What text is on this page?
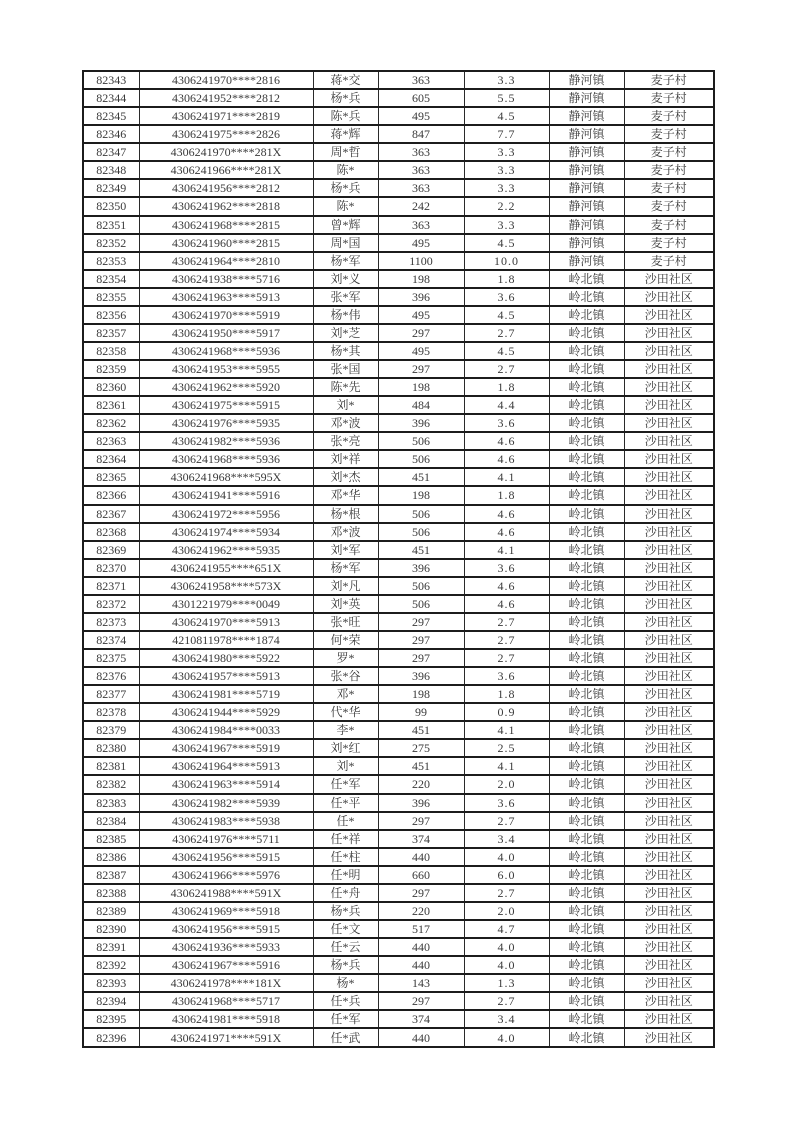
82343	4306241970****2816	蒋*交	363	3.3	静河镇	麦子村
82344	4306241952****2812	杨*兵	605	5.5	静河镇	麦子村
82345	4306241971****2819	陈*兵	495	4.5	静河镇	麦子村
82346	4306241975****2826	蒋*辉	847	7.7	静河镇	麦子村
82347	4306241970****281X	周*哲	363	3.3	静河镇	麦子村
82348	4306241966****281X	陈*	363	3.3	静河镇	麦子村
82349	4306241956****2812	杨*兵	363	3.3	静河镇	麦子村
82350	4306241962****2818	陈*	242	2.2	静河镇	麦子村
82351	4306241968****2815	曾*辉	363	3.3	静河镇	麦子村
82352	4306241960****2815	周*国	495	4.5	静河镇	麦子村
82353	4306241964****2810	杨*军	1100	10.0	静河镇	麦子村
82354	4306241938****5716	刘*义	198	1.8	岭北镇	沙田社区
82355	4306241963****5913	张*军	396	3.6	岭北镇	沙田社区
82356	4306241970****5919	杨*伟	495	4.5	岭北镇	沙田社区
82357	4306241950****5917	刘*芝	297	2.7	岭北镇	沙田社区
82358	4306241968****5936	杨*其	495	4.5	岭北镇	沙田社区
82359	4306241953****5955	张*国	297	2.7	岭北镇	沙田社区
82360	4306241962****5920	陈*先	198	1.8	岭北镇	沙田社区
82361	4306241975****5915	刘*	484	4.4	岭北镇	沙田社区
82362	4306241976****5935	邓*波	396	3.6	岭北镇	沙田社区
82363	4306241982****5936	张*亮	506	4.6	岭北镇	沙田社区
82364	4306241968****5936	刘*祥	506	4.6	岭北镇	沙田社区
82365	4306241968****595X	刘*杰	451	4.1	岭北镇	沙田社区
82366	4306241941****5916	邓*华	198	1.8	岭北镇	沙田社区
82367	4306241972****5956	杨*根	506	4.6	岭北镇	沙田社区
82368	4306241974****5934	邓*波	506	4.6	岭北镇	沙田社区
82369	4306241962****5935	刘*军	451	4.1	岭北镇	沙田社区
82370	4306241955****651X	杨*军	396	3.6	岭北镇	沙田社区
82371	4306241958****573X	刘*凡	506	4.6	岭北镇	沙田社区
82372	4301221979****0049	刘*英	506	4.6	岭北镇	沙田社区
82373	4306241970****5913	张*旺	297	2.7	岭北镇	沙田社区
82374	4210811978****1874	何*荣	297	2.7	岭北镇	沙田社区
82375	4306241980****5922	罗*	297	2.7	岭北镇	沙田社区
82376	4306241957****5913	张*谷	396	3.6	岭北镇	沙田社区
82377	4306241981****5719	邓*	198	1.8	岭北镇	沙田社区
82378	4306241944****5929	代*华	99	0.9	岭北镇	沙田社区
82379	4306241984****0033	李*	451	4.1	岭北镇	沙田社区
82380	4306241967****5919	刘*红	275	2.5	岭北镇	沙田社区
82381	4306241964****5913	刘*	451	4.1	岭北镇	沙田社区
82382	4306241963****5914	任*军	220	2.0	岭北镇	沙田社区
82383	4306241982****5939	任*平	396	3.6	岭北镇	沙田社区
82384	4306241983****5938	任*	297	2.7	岭北镇	沙田社区
82385	4306241976****5711	任*祥	374	3.4	岭北镇	沙田社区
82386	4306241956****5915	任*柱	440	4.0	岭北镇	沙田社区
82387	4306241966****5976	任*明	660	6.0	岭北镇	沙田社区
82388	4306241988****591X	任*舟	297	2.7	岭北镇	沙田社区
82389	4306241969****5918	杨*兵	220	2.0	岭北镇	沙田社区
82390	4306241956****5915	任*文	517	4.7	岭北镇	沙田社区
82391	4306241936****5933	任*云	440	4.0	岭北镇	沙田社区
82392	4306241967****5916	杨*兵	440	4.0	岭北镇	沙田社区
82393	4306241978****181X	杨*	143	1.3	岭北镇	沙田社区
82394	4306241968****5717	任*兵	297	2.7	岭北镇	沙田社区
82395	4306241981****5918	任*军	374	3.4	岭北镇	沙田社区
82396	4306241971****591X	任*武	440	4.0	岭北镇	沙田社区
